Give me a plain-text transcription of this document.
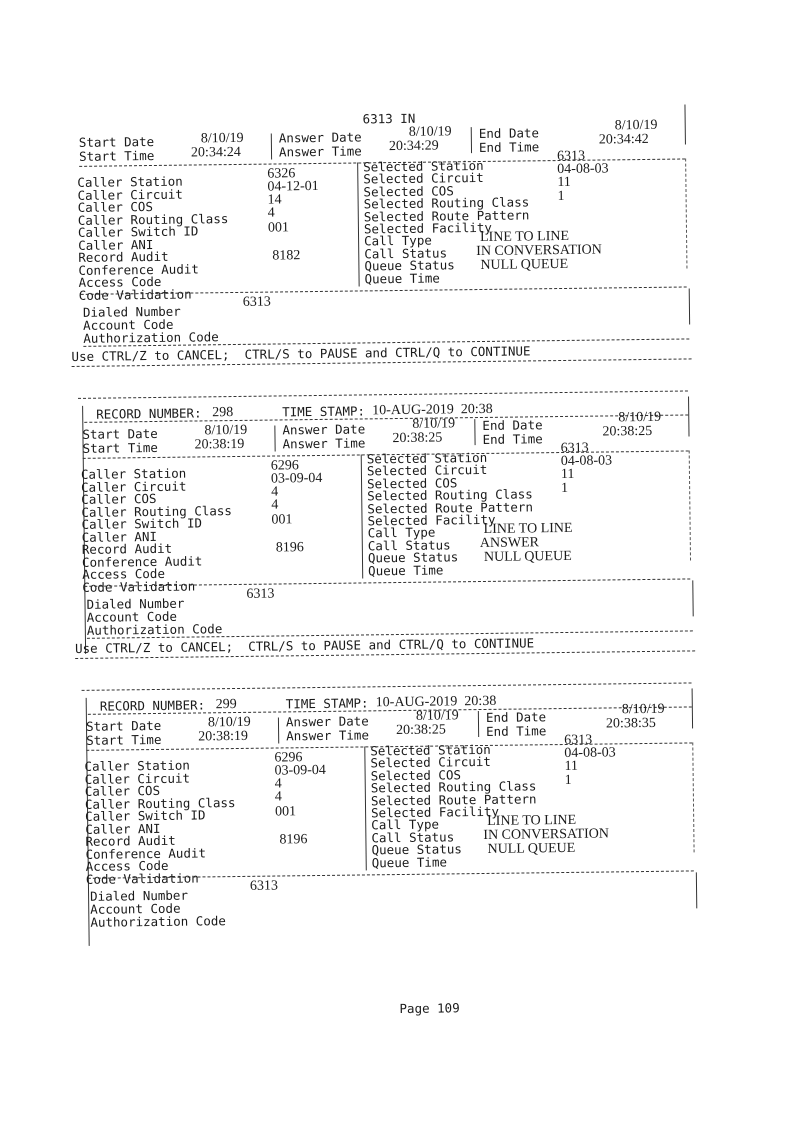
6313 IN
Start Date
Start Time
8/10/19
20:34:24
Answer Date
Answer Time
8/10/19
20:34:29
End Date
End Time
8/10/19
20:34:42
Caller Station
Caller Circuit
Caller COS
Caller Routing Class
Caller Switch ID
Caller ANI
Record Audit
Conference Audit
Access Code
Code Validation
6326
04-12-01
14
4
001
8182
Selected Station
Selected Circuit
Selected COS
Selected Routing Class
Selected Route Pattern
Selected Facility
Call Type
Call Status
Queue Status
Queue Time
6313
04-08-03
11
1
LINE TO LINE
IN CONVERSATION
NULL QUEUE
Dialed Number
6313
Account Code
Authorization Code
Use CTRL/Z to CANCEL;  CTRL/S to PAUSE and CTRL/Q to CONTINUE
RECORD NUMBER: 298	TIME STAMP: 10-AUG-2019  20:38
Start Date
Start Time
8/10/19
20:38:19
Answer Date
Answer Time
8/10/19
20:38:25
End Date
End Time
8/10/19
20:38:25
Caller Station
Caller Circuit
Caller COS
Caller Routing Class
Caller Switch ID
Caller ANI
Record Audit
Conference Audit
Access Code
Code Validation
6296
03-09-04
4
4
001
8196
Selected Station
Selected Circuit
Selected COS
Selected Routing Class
Selected Route Pattern
Selected Facility
Call Type
Call Status
Queue Status
Queue Time
6313
04-08-03
11
1
LINE TO LINE
ANSWER
NULL QUEUE
Dialed Number
6313
Account Code
Authorization Code
Use CTRL/Z to CANCEL;  CTRL/S to PAUSE and CTRL/Q to CONTINUE
RECORD NUMBER: 299	TIME STAMP: 10-AUG-2019  20:38
Start Date
Start Time
8/10/19
20:38:19
Answer Date
Answer Time
8/10/19
20:38:25
End Date
End Time
8/10/19
20:38:35
Caller Station
Caller Circuit
Caller COS
Caller Routing Class
Caller Switch ID
Caller ANI
Record Audit
Conference Audit
Access Code
Code Validation
6296
03-09-04
4
4
001
8196
Selected Station
Selected Circuit
Selected COS
Selected Routing Class
Selected Route Pattern
Selected Facility
Call Type
Call Status
Queue Status
Queue Time
6313
04-08-03
11
1
LINE TO LINE
IN CONVERSATION
NULL QUEUE
Dialed Number
6313
Account Code
Authorization Code
Page 109
